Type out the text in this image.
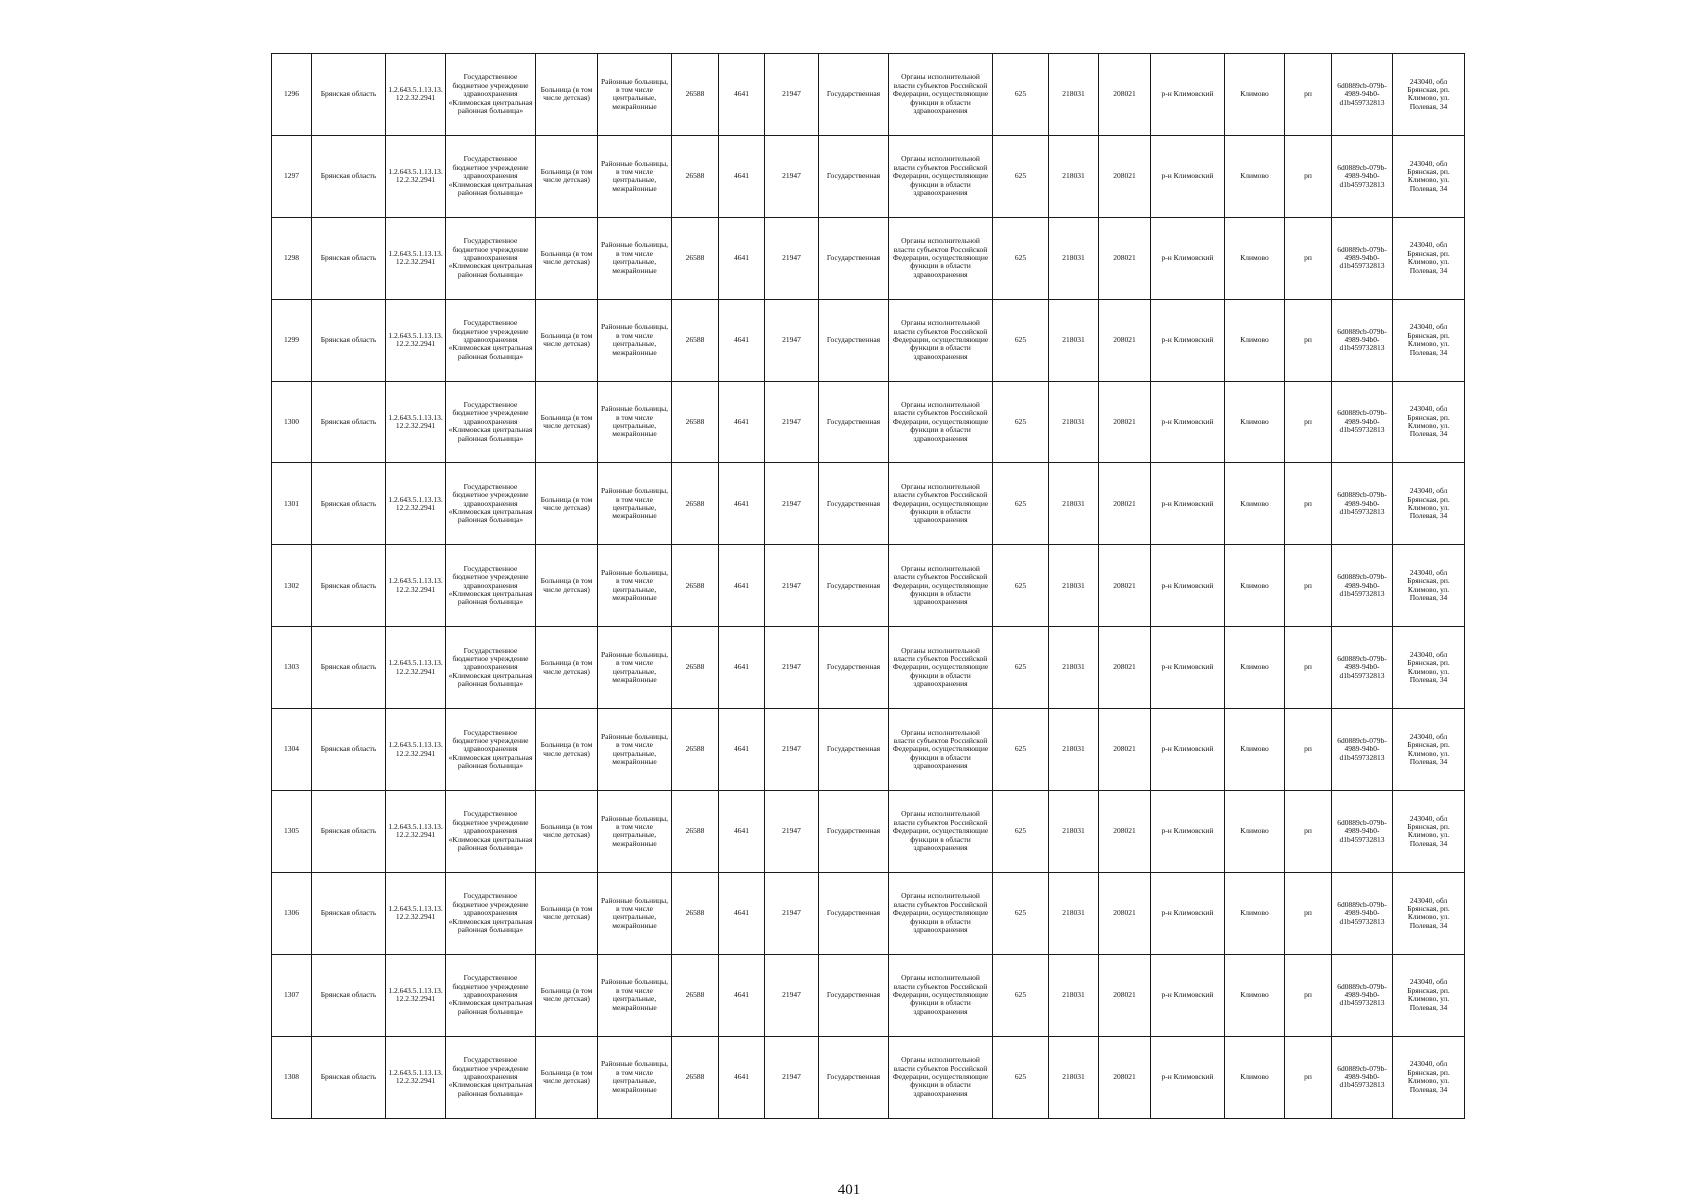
1296	Брянская область	1.2.643.5.1.13.13.12.2.32.2941	Государственное бюджетное учреждение здравоохранения «Климовская центральная районная больница»	Больница (в том числе детская)	Районные больницы, в том числе центральные, межрайонные	26588	4641	21947	Государственная	Органы исполнительной власти субъектов Российской Федерации, осуществляющие функции в области здравоохранения	625	218031	208021	р-н Климовский	Климово	рп	6d0889cb-079b-4989-94b0-d1b459732813	243040, обл Брянская, рп. Климово, ул. Полевая, 34
1297	Брянская область	1.2.643.5.1.13.13.12.2.32.2941	Государственное бюджетное учреждение здравоохранения «Климовская центральная районная больница»	Больница (в том числе детская)	Районные больницы, в том числе центральные, межрайонные	26588	4641	21947	Государственная	Органы исполнительной власти субъектов Российской Федерации, осуществляющие функции в области здравоохранения	625	218031	208021	р-н Климовский	Климово	рп	6d0889cb-079b-4989-94b0-d1b459732813	243040, обл Брянская, рп. Климово, ул. Полевая, 34
1298	Брянская область	1.2.643.5.1.13.13.12.2.32.2941	Государственное бюджетное учреждение здравоохранения «Климовская центральная районная больница»	Больница (в том числе детская)	Районные больницы, в том числе центральные, межрайонные	26588	4641	21947	Государственная	Органы исполнительной власти субъектов Российской Федерации, осуществляющие функции в области здравоохранения	625	218031	208021	р-н Климовский	Климово	рп	6d0889cb-079b-4989-94b0-d1b459732813	243040, обл Брянская, рп. Климово, ул. Полевая, 34
1299	Брянская область	1.2.643.5.1.13.13.12.2.32.2941	Государственное бюджетное учреждение здравоохранения «Климовская центральная районная больница»	Больница (в том числе детская)	Районные больницы, в том числе центральные, межрайонные	26588	4641	21947	Государственная	Органы исполнительной власти субъектов Российской Федерации, осуществляющие функции в области здравоохранения	625	218031	208021	р-н Климовский	Климово	рп	6d0889cb-079b-4989-94b0-d1b459732813	243040, обл Брянская, рп. Климово, ул. Полевая, 34
1300	Брянская область	1.2.643.5.1.13.13.12.2.32.2941	Государственное бюджетное учреждение здравоохранения «Климовская центральная районная больница»	Больница (в том числе детская)	Районные больницы, в том числе центральные, межрайонные	26588	4641	21947	Государственная	Органы исполнительной власти субъектов Российской Федерации, осуществляющие функции в области здравоохранения	625	218031	208021	р-н Климовский	Климово	рп	6d0889cb-079b-4989-94b0-d1b459732813	243040, обл Брянская, рп. Климово, ул. Полевая, 34
1301	Брянская область	1.2.643.5.1.13.13.12.2.32.2941	Государственное бюджетное учреждение здравоохранения «Климовская центральная районная больница»	Больница (в том числе детская)	Районные больницы, в том числе центральные, межрайонные	26588	4641	21947	Государственная	Органы исполнительной власти субъектов Российской Федерации, осуществляющие функции в области здравоохранения	625	218031	208021	р-н Климовский	Климово	рп	6d0889cb-079b-4989-94b0-d1b459732813	243040, обл Брянская, рп. Климово, ул. Полевая, 34
1302	Брянская область	1.2.643.5.1.13.13.12.2.32.2941	Государственное бюджетное учреждение здравоохранения «Климовская центральная районная больница»	Больница (в том числе детская)	Районные больницы, в том числе центральные, межрайонные	26588	4641	21947	Государственная	Органы исполнительной власти субъектов Российской Федерации, осуществляющие функции в области здравоохранения	625	218031	208021	р-н Климовский	Климово	рп	6d0889cb-079b-4989-94b0-d1b459732813	243040, обл Брянская, рп. Климово, ул. Полевая, 34
1303	Брянская область	1.2.643.5.1.13.13.12.2.32.2941	Государственное бюджетное учреждение здравоохранения «Климовская центральная районная больница»	Больница (в том числе детская)	Районные больницы, в том числе центральные, межрайонные	26588	4641	21947	Государственная	Органы исполнительной власти субъектов Российской Федерации, осуществляющие функции в области здравоохранения	625	218031	208021	р-н Климовский	Климово	рп	6d0889cb-079b-4989-94b0-d1b459732813	243040, обл Брянская, рп. Климово, ул. Полевая, 34
1304	Брянская область	1.2.643.5.1.13.13.12.2.32.2941	Государственное бюджетное учреждение здравоохранения «Климовская центральная районная больница»	Больница (в том числе детская)	Районные больницы, в том числе центральные, межрайонные	26588	4641	21947	Государственная	Органы исполнительной власти субъектов Российской Федерации, осуществляющие функции в области здравоохранения	625	218031	208021	р-н Климовский	Климово	рп	6d0889cb-079b-4989-94b0-d1b459732813	243040, обл Брянская, рп. Климово, ул. Полевая, 34
1305	Брянская область	1.2.643.5.1.13.13.12.2.32.2941	Государственное бюджетное учреждение здравоохранения «Климовская центральная районная больница»	Больница (в том числе детская)	Районные больницы, в том числе центральные, межрайонные	26588	4641	21947	Государственная	Органы исполнительной власти субъектов Российской Федерации, осуществляющие функции в области здравоохранения	625	218031	208021	р-н Климовский	Климово	рп	6d0889cb-079b-4989-94b0-d1b459732813	243040, обл Брянская, рп. Климово, ул. Полевая, 34
1306	Брянская область	1.2.643.5.1.13.13.12.2.32.2941	Государственное бюджетное учреждение здравоохранения «Климовская центральная районная больница»	Больница (в том числе детская)	Районные больницы, в том числе центральные, межрайонные	26588	4641	21947	Государственная	Органы исполнительной власти субъектов Российской Федерации, осуществляющие функции в области здравоохранения	625	218031	208021	р-н Климовский	Климово	рп	6d0889cb-079b-4989-94b0-d1b459732813	243040, обл Брянская, рп. Климово, ул. Полевая, 34
1307	Брянская область	1.2.643.5.1.13.13.12.2.32.2941	Государственное бюджетное учреждение здравоохранения «Климовская центральная районная больница»	Больница (в том числе детская)	Районные больницы, в том числе центральные, межрайонные	26588	4641	21947	Государственная	Органы исполнительной власти субъектов Российской Федерации, осуществляющие функции в области здравоохранения	625	218031	208021	р-н Климовский	Климово	рп	6d0889cb-079b-4989-94b0-d1b459732813	243040, обл Брянская, рп. Климово, ул. Полевая, 34
1308	Брянская область	1.2.643.5.1.13.13.12.2.32.2941	Государственное бюджетное учреждение здравоохранения «Климовская центральная районная больница»	Больница (в том числе детская)	Районные больницы, в том числе центральные, межрайонные	26588	4641	21947	Государственная	Органы исполнительной власти субъектов Российской Федерации, осуществляющие функции в области здравоохранения	625	218031	208021	р-н Климовский	Климово	рп	6d0889cb-079b-4989-94b0-d1b459732813	243040, обл Брянская, рп. Климово, ул. Полевая, 34
401
